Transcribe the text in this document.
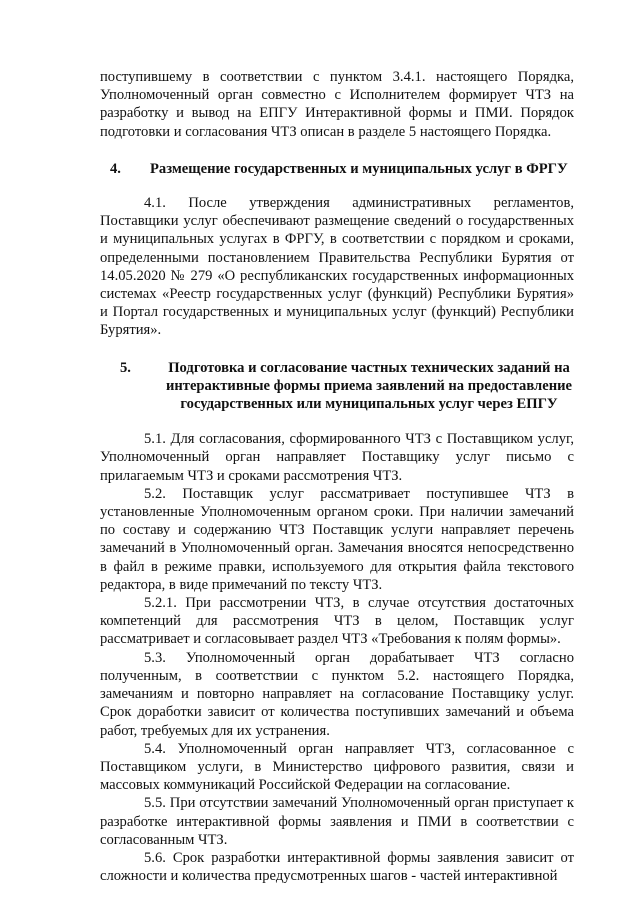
поступившему в соответствии с пунктом 3.4.1. настоящего Порядка, Уполномоченный орган совместно с Исполнителем формирует ЧТЗ на разработку и вывод на ЕПГУ Интерактивной формы и ПМИ. Порядок подготовки и согласования ЧТЗ описан в разделе 5 настоящего Порядка.

4.	Размещение государственных и муниципальных услуг в ФРГУ

4.1. После утверждения административных регламентов, Поставщики услуг обеспечивают размещение сведений о государственных и муниципальных услугах в ФРГУ, в соответствии с порядком и сроками, определенными постановлением Правительства Республики Бурятия от 14.05.2020 № 279 «О республиканских государственных информационных системах «Реестр государственных услуг (функций) Республики Бурятия» и Портал государственных и муниципальных услуг (функций) Республики Бурятия».

5.	Подготовка и согласование частных технических заданий на интерактивные формы приема заявлений на предоставление государственных или муниципальных услуг через ЕПГУ

5.1. Для согласования, сформированного ЧТЗ с Поставщиком услуг, Уполномоченный орган направляет Поставщику услуг письмо с прилагаемым ЧТЗ и сроками рассмотрения ЧТЗ.

5.2. Поставщик услуг рассматривает поступившее ЧТЗ в установленные Уполномоченным органом сроки. При наличии замечаний по составу и содержанию ЧТЗ Поставщик услуги направляет перечень замечаний в Уполномоченный орган. Замечания вносятся непосредственно в файл в режиме правки, используемого для открытия файла текстового редактора, в виде примечаний по тексту ЧТЗ.

5.2.1. При рассмотрении ЧТЗ, в случае отсутствия достаточных компетенций для рассмотрения ЧТЗ в целом, Поставщик услуг рассматривает и согласовывает раздел ЧТЗ «Требования к полям формы».

5.3. Уполномоченный орган дорабатывает ЧТЗ согласно полученным, в соответствии с пунктом 5.2. настоящего Порядка, замечаниям и повторно направляет на согласование Поставщику услуг. Срок доработки зависит от количества поступивших замечаний и объема работ, требуемых для их устранения.

5.4. Уполномоченный орган направляет ЧТЗ, согласованное с Поставщиком услуги, в Министерство цифрового развития, связи и массовых коммуникаций Российской Федерации на согласование.

5.5. При отсутствии замечаний Уполномоченный орган приступает к разработке интерактивной формы заявления и ПМИ в соответствии с согласованным ЧТЗ.

5.6. Срок разработки интерактивной формы заявления зависит от сложности и количества предусмотренных шагов - частей интерактивной
